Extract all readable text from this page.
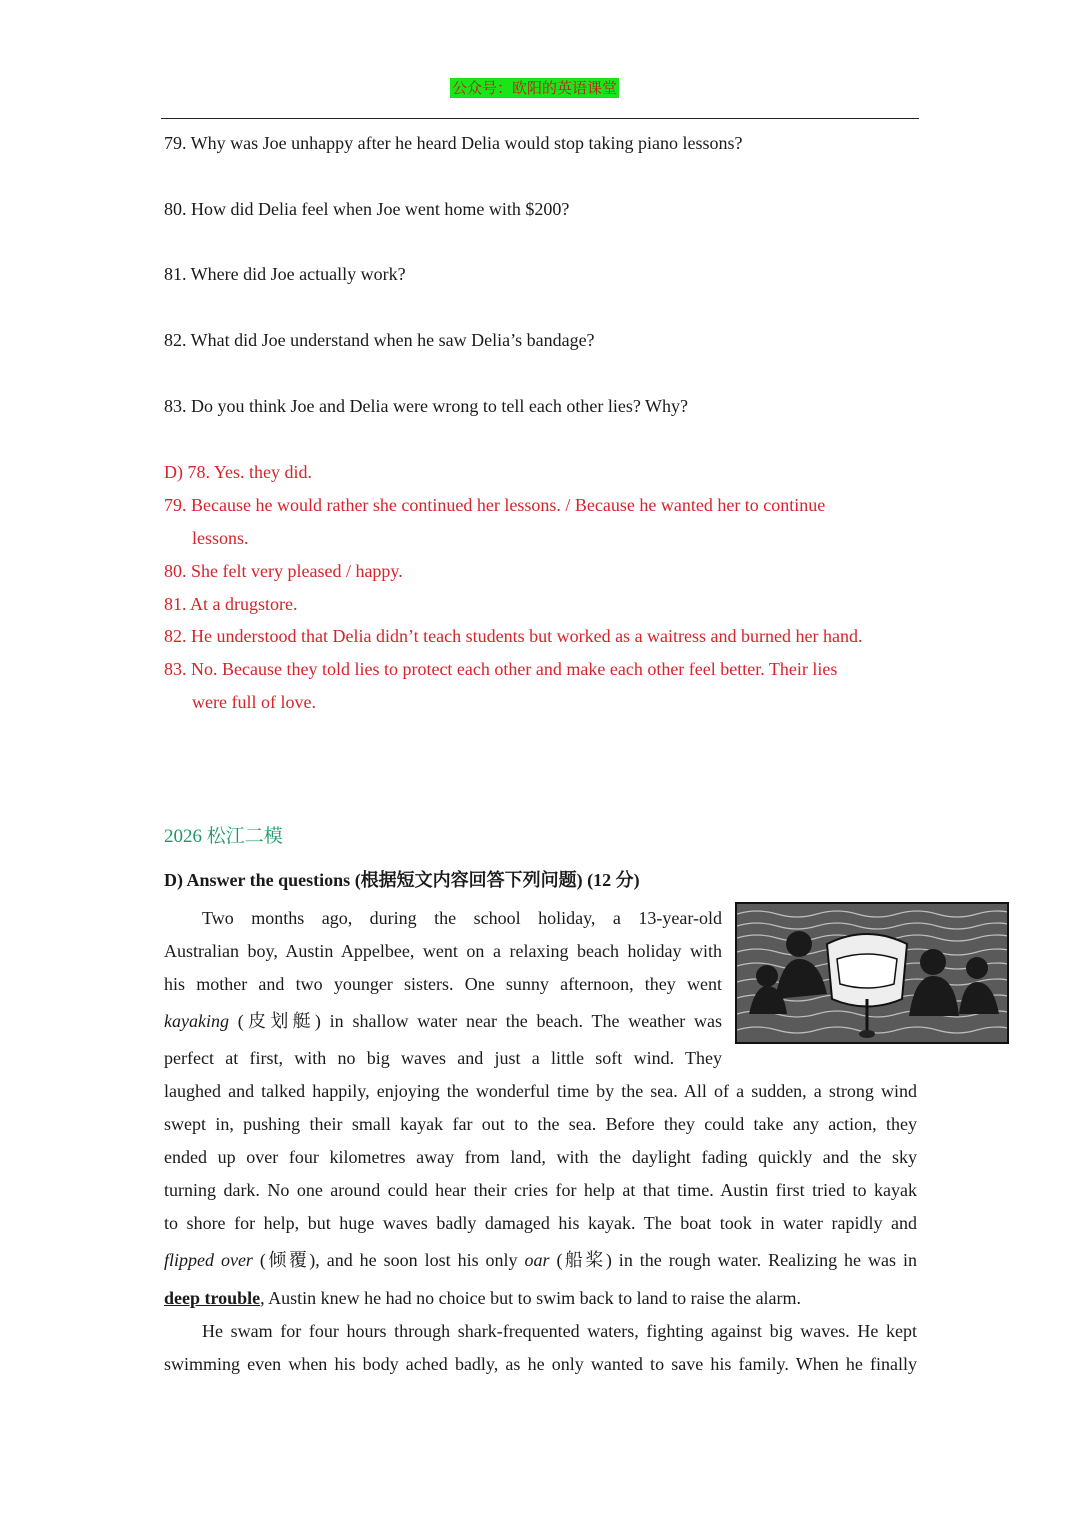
公众号：欧阳的英语课堂
79. Why was Joe unhappy after he heard Delia would stop taking piano lessons?
80. How did Delia feel when Joe went home with $200?
81. Where did Joe actually work?
82. What did Joe understand when he saw Delia’s bandage?
83. Do you think Joe and Delia were wrong to tell each other lies? Why?
D) 78. Yes. they did.
79. Because he would rather she continued her lessons. / Because he wanted her to continue
lessons.
80. She felt very pleased / happy.
81. At a drugstore.
82. He understood that Delia didn’t teach students but worked as a waitress and burned her hand.
83. No. Because they told lies to protect each other and make each other feel better. Their lies
were full of love.
2026 松江二模
D) Answer the questions (根据短文内容回答下列问题) (12 分)
Two months ago, during the school holiday, a 13-year-old
Australian boy, Austin Appelbee, went on a relaxing beach holiday with
his mother and two younger sisters. One sunny afternoon, they went
kayaking (皮划艇) in shallow water near the beach. The weather was
perfect at first, with no big waves and just a little soft wind. They
laughed and talked happily, enjoying the wonderful time by the sea. All of a sudden, a strong wind
swept in, pushing their small kayak far out to the sea. Before they could take any action, they
ended up over four kilometres away from land, with the daylight fading quickly and the sky
turning dark. No one around could hear their cries for help at that time. Austin first tried to kayak
to shore for help, but huge waves badly damaged his kayak. The boat took in water rapidly and
flipped over (倾覆), and he soon lost his only oar (船桨) in the rough water. Realizing he was in
deep trouble, Austin knew he had no choice but to swim back to land to raise the alarm.
He swam for four hours through shark-frequented waters, fighting against big waves. He kept
swimming even when his body ached badly, as he only wanted to save his family. When he finally
